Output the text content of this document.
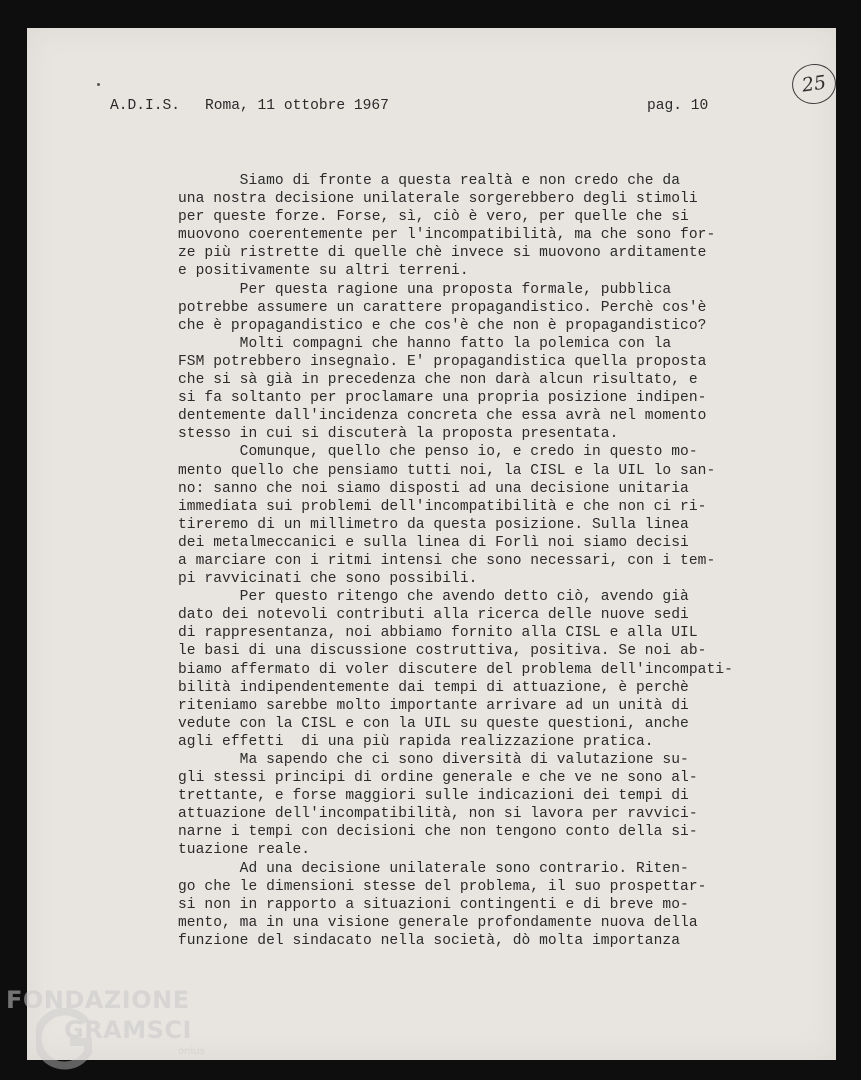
25

A.D.I.S.

Roma, 11 ottobre 1967

	pag. 10

Siamo di fronte a questa realtà e non credo che da
una nostra decisione unilaterale sorgerebbero degli stimoli
per queste forze. Forse, sì, ciò è vero, per quelle che si
muovono coerentemente per l'incompatibilità, ma che sono for-
ze più ristrette di quelle chè invece si muovono arditamente
e positivamente su altri terreni.
Per questa ragione una proposta formale, pubblica
potrebbe assumere un carattere propagandistico. Perchè cos'è
che è propagandistico e che cos'è che non è propagandistico?
Molti compagni che hanno fatto la polemica con la
FSM potrebbero insegnaìo. E' propagandistica quella proposta
che si sà già in precedenza che non darà alcun risultato, e
si fa soltanto per proclamare una propria posizione indipen-
dentemente dall'incidenza concreta che essa avrà nel momento
stesso in cui si discuterà la proposta presentata.
Comunque, quello che penso io, e credo in questo mo-
mento quello che pensiamo tutti noi, la CISL e la UIL lo san-
no: sanno che noi siamo disposti ad una decisione unitaria
immediata sui problemi dell'incompatibilità e che non ci ri-
tireremo di un millimetro da questa posizione. Sulla linea
dei metalmeccanici e sulla linea di Forlì noi siamo decisi
a marciare con i ritmi intensi che sono necessari, con i tem-
pi ravvicinati che sono possibili.
Per questo ritengo che avendo detto ciò, avendo già
dato dei notevoli contributi alla ricerca delle nuove sedi
di rappresentanza, noi abbiamo fornito alla CISL e alla UIL
le basi di una discussione costruttiva, positiva. Se noi ab-
biamo affermato di voler discutere del problema dell'incompati-
bilità indipendentemente dai tempi di attuazione, è perchè
riteniamo sarebbe molto importante arrivare ad un unità di
vedute con la CISL e con la UIL su queste questioni, anche
agli effetti  di una più rapida realizzazione pratica.
Ma sapendo che ci sono diversità di valutazione su-
gli stessi principi di ordine generale e che ve ne sono al-
trettante, e forse maggiori sulle indicazioni dei tempi di
attuazione dell'incompatibilità, non si lavora per ravvici-
narne i tempi con decisioni che non tengono conto della si-
tuazione reale.
Ad una decisione unilaterale sono contrario. Riten-
go che le dimensioni stesse del problema, il suo prospettar-
si non in rapporto a situazioni contingenti e di breve mo-
mento, ma in una visione generale profondamente nuova della
funzione del sindacato nella società, dò molta importanza
FONDAZIONE
GRAMSCI
onlus
